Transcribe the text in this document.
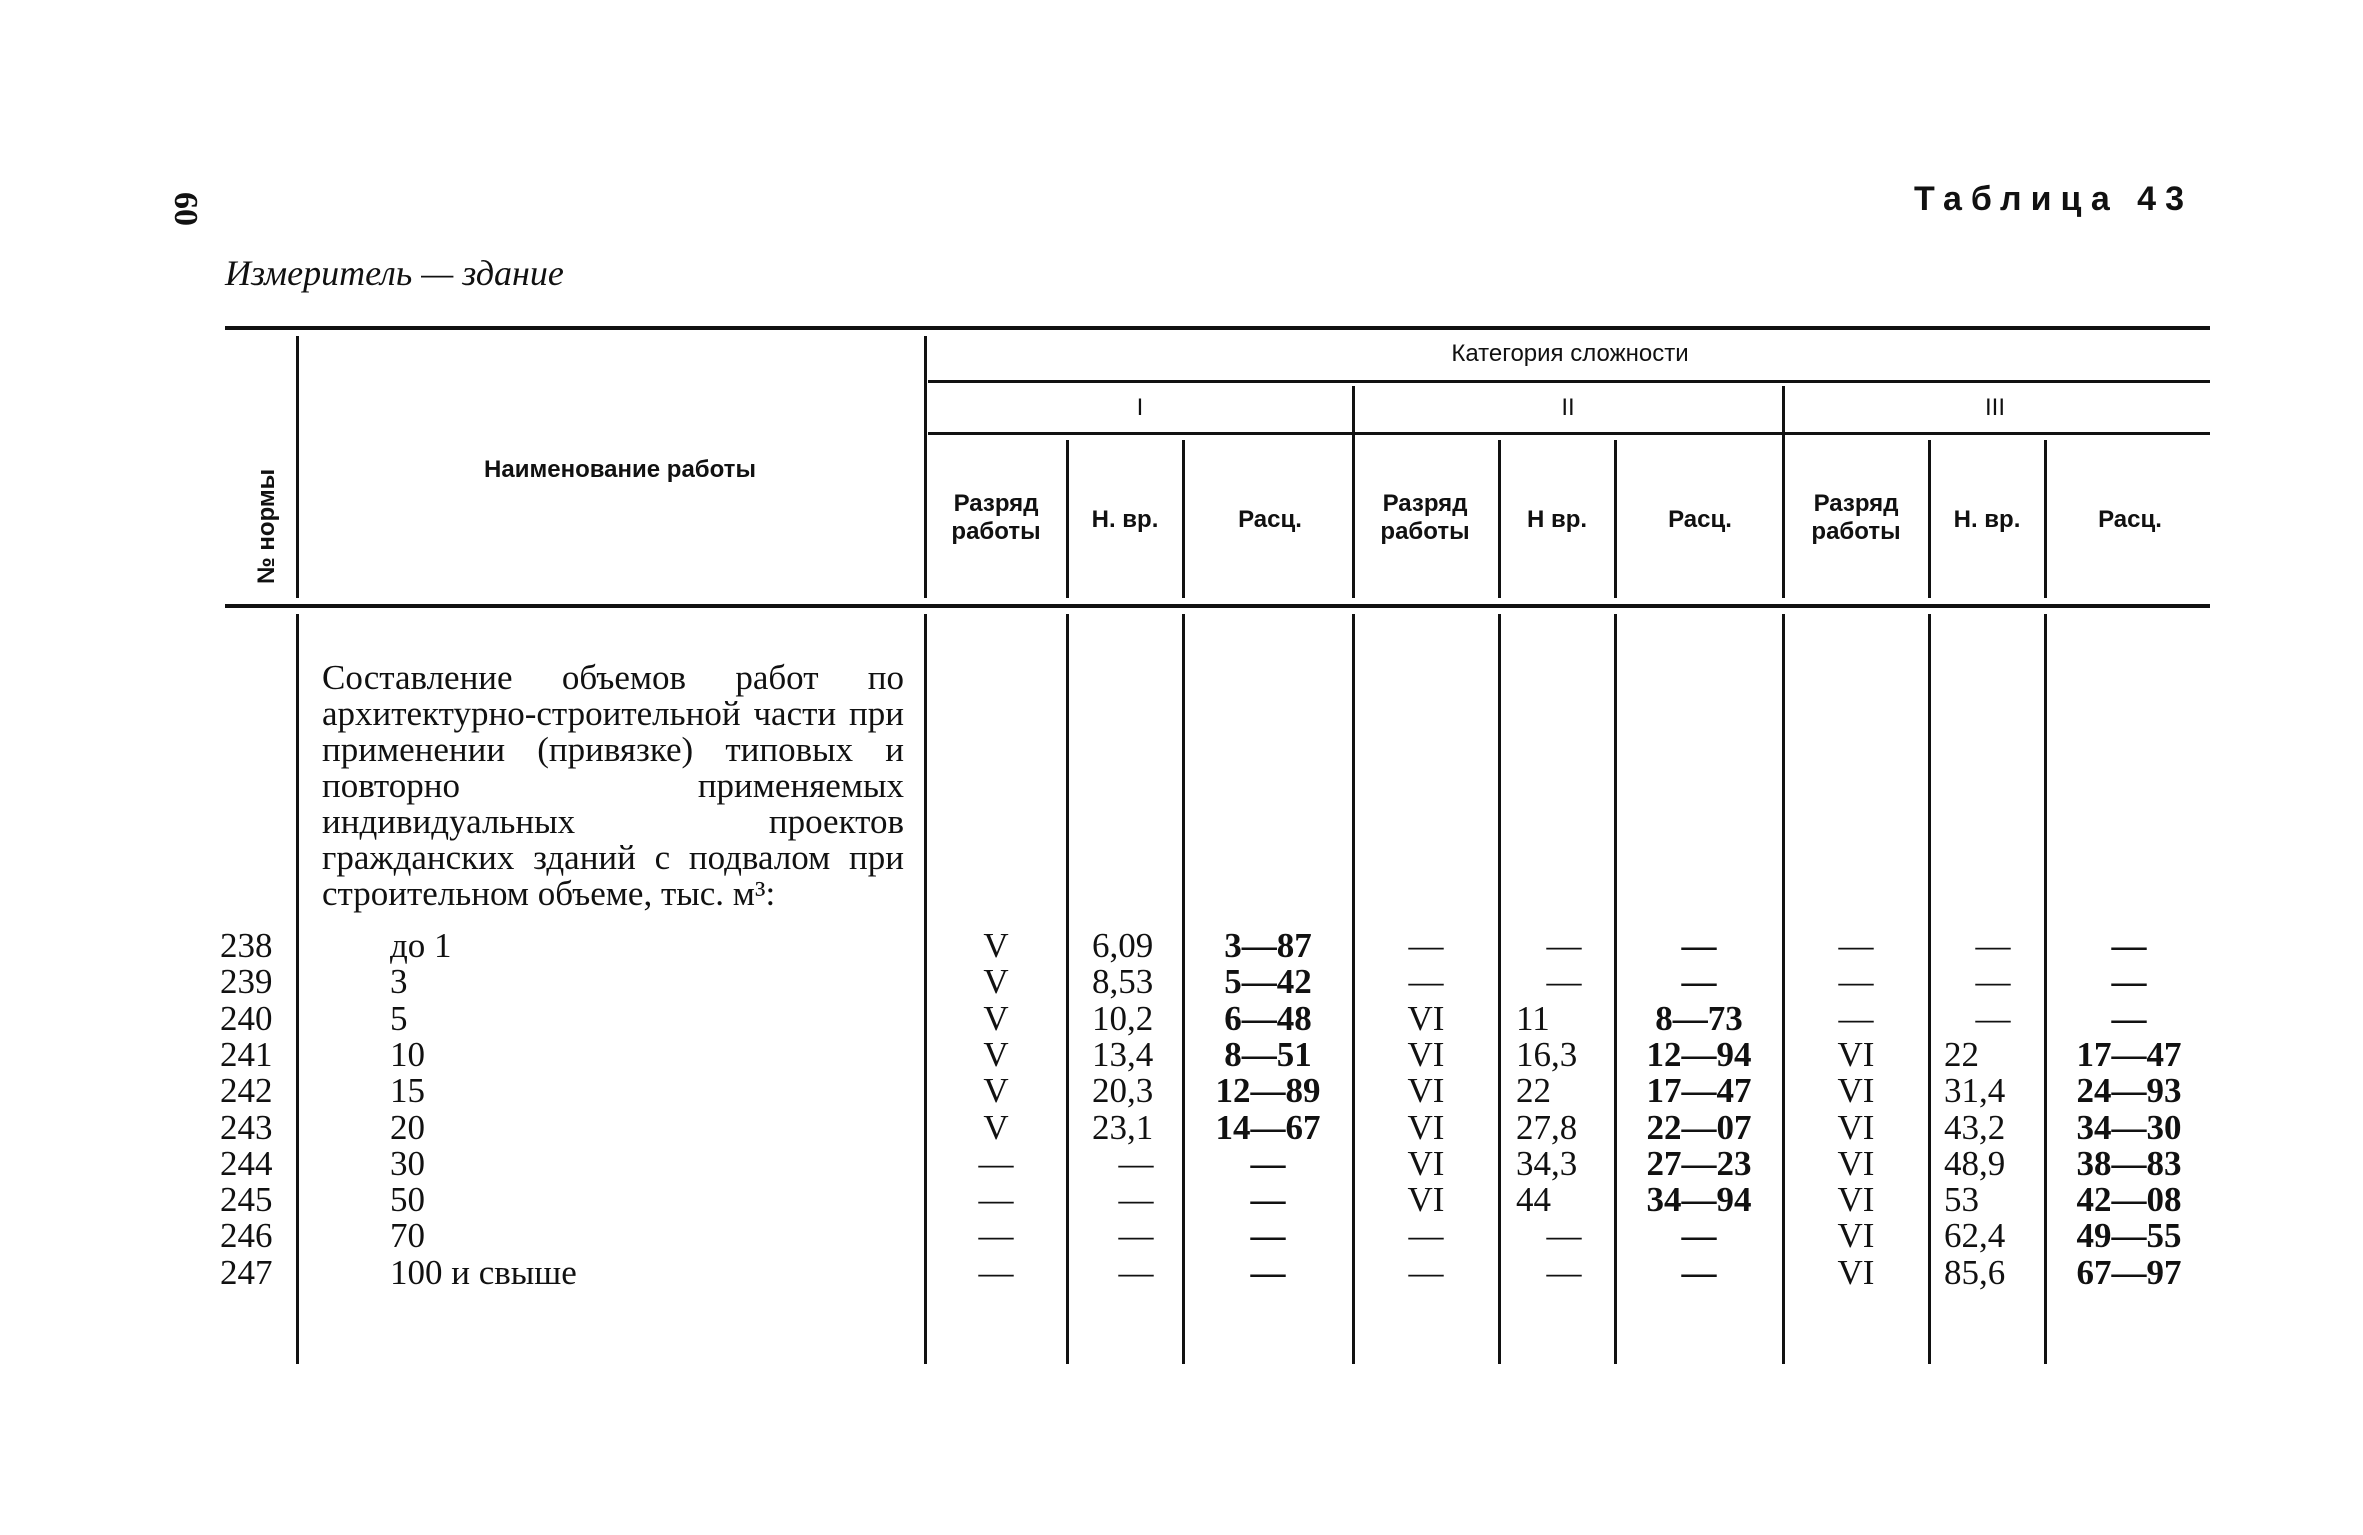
60	Таблица 43
Измеритель — здание
№ нормы	Наименование работы
Категория сложности
I	II	III
Разряд работы	Н. вр.	Расц.
Разряд работы	Н вр.	Расц.
Разряд работы	Н. вр.	Расц.
Составление объемов работ по архитектурно-строительной части при применении (привязке) типовых и повторно применяемых индивидуальных проектов гражданских зданий с подвалом при строительном объеме, тыс. м³:
238	до 1	V	6,09	3—87	—	—	—	—	—	—
239	3	V	8,53	5—42	—	—	—	—	—	—
240	5	V	10,2	6—48	VI	11	8—73	—	—	—
241	10	V	13,4	8—51	VI	16,3	12—94	VI	22	17—47
242	15	V	20,3	12—89	VI	22	17—47	VI	31,4	24—93
243	20	V	23,1	14—67	VI	27,8	22—07	VI	43,2	34—30
244	30	—	—	—	VI	34,3	27—23	VI	48,9	38—83
245	50	—	—	—	VI	44	34—94	VI	53	42—08
246	70	—	—	—	—	—	—	VI	62,4	49—55
247	100 и свыше	—	—	—	—	—	—	VI	85,6	67—97
